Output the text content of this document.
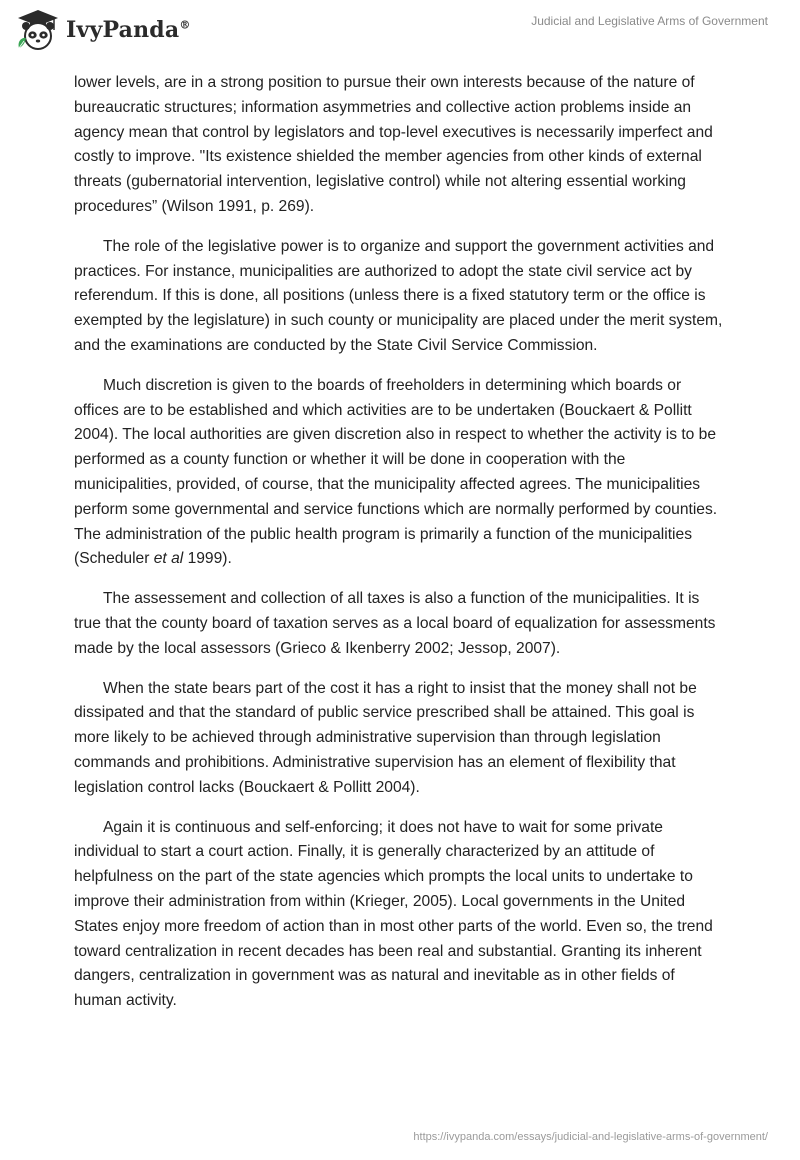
IvyPanda®	Judicial and Legislative Arms of Government

lower levels, are in a strong position to pursue their own interests because of the nature of bureaucratic structures; information asymmetries and collective action problems inside an agency mean that control by legislators and top-level executives is necessarily imperfect and costly to improve. "Its existence shielded the member agencies from other kinds of external threats (gubernatorial intervention, legislative control) while not altering essential working procedures” (Wilson 1991, p. 269).

The role of the legislative power is to organize and support the government activities and practices. For instance, municipalities are authorized to adopt the state civil service act by referendum. If this is done, all positions (unless there is a fixed statutory term or the office is exempted by the legislature) in such county or municipality are placed under the merit system, and the examinations are conducted by the State Civil Service Commission.

Much discretion is given to the boards of freeholders in determining which boards or offices are to be established and which activities are to be undertaken (Bouckaert & Pollitt 2004). The local authorities are given discretion also in respect to whether the activity is to be performed as a county function or whether it will be done in cooperation with the municipalities, provided, of course, that the municipality affected agrees. The municipalities perform some governmental and service functions which are normally performed by counties. The administration of the public health program is primarily a function of the municipalities (Scheduler et al 1999).

The assessement and collection of all taxes is also a function of the municipalities. It is true that the county board of taxation serves as a local board of equalization for assessments made by the local assessors (Grieco & Ikenberry 2002; Jessop, 2007).

When the state bears part of the cost it has a right to insist that the money shall not be dissipated and that the standard of public service prescribed shall be attained. This goal is more likely to be achieved through administrative supervision than through legislation commands and prohibitions. Administrative supervision has an element of flexibility that legislation control lacks (Bouckaert & Pollitt 2004).

Again it is continuous and self-enforcing; it does not have to wait for some private individual to start a court action. Finally, it is generally characterized by an attitude of helpfulness on the part of the state agencies which prompts the local units to undertake to improve their administration from within (Krieger, 2005). Local governments in the United States enjoy more freedom of action than in most other parts of the world. Even so, the trend toward centralization in recent decades has been real and substantial. Granting its inherent dangers, centralization in government was as natural and inevitable as in other fields of human activity.

https://ivypanda.com/essays/judicial-and-legislative-arms-of-government/
